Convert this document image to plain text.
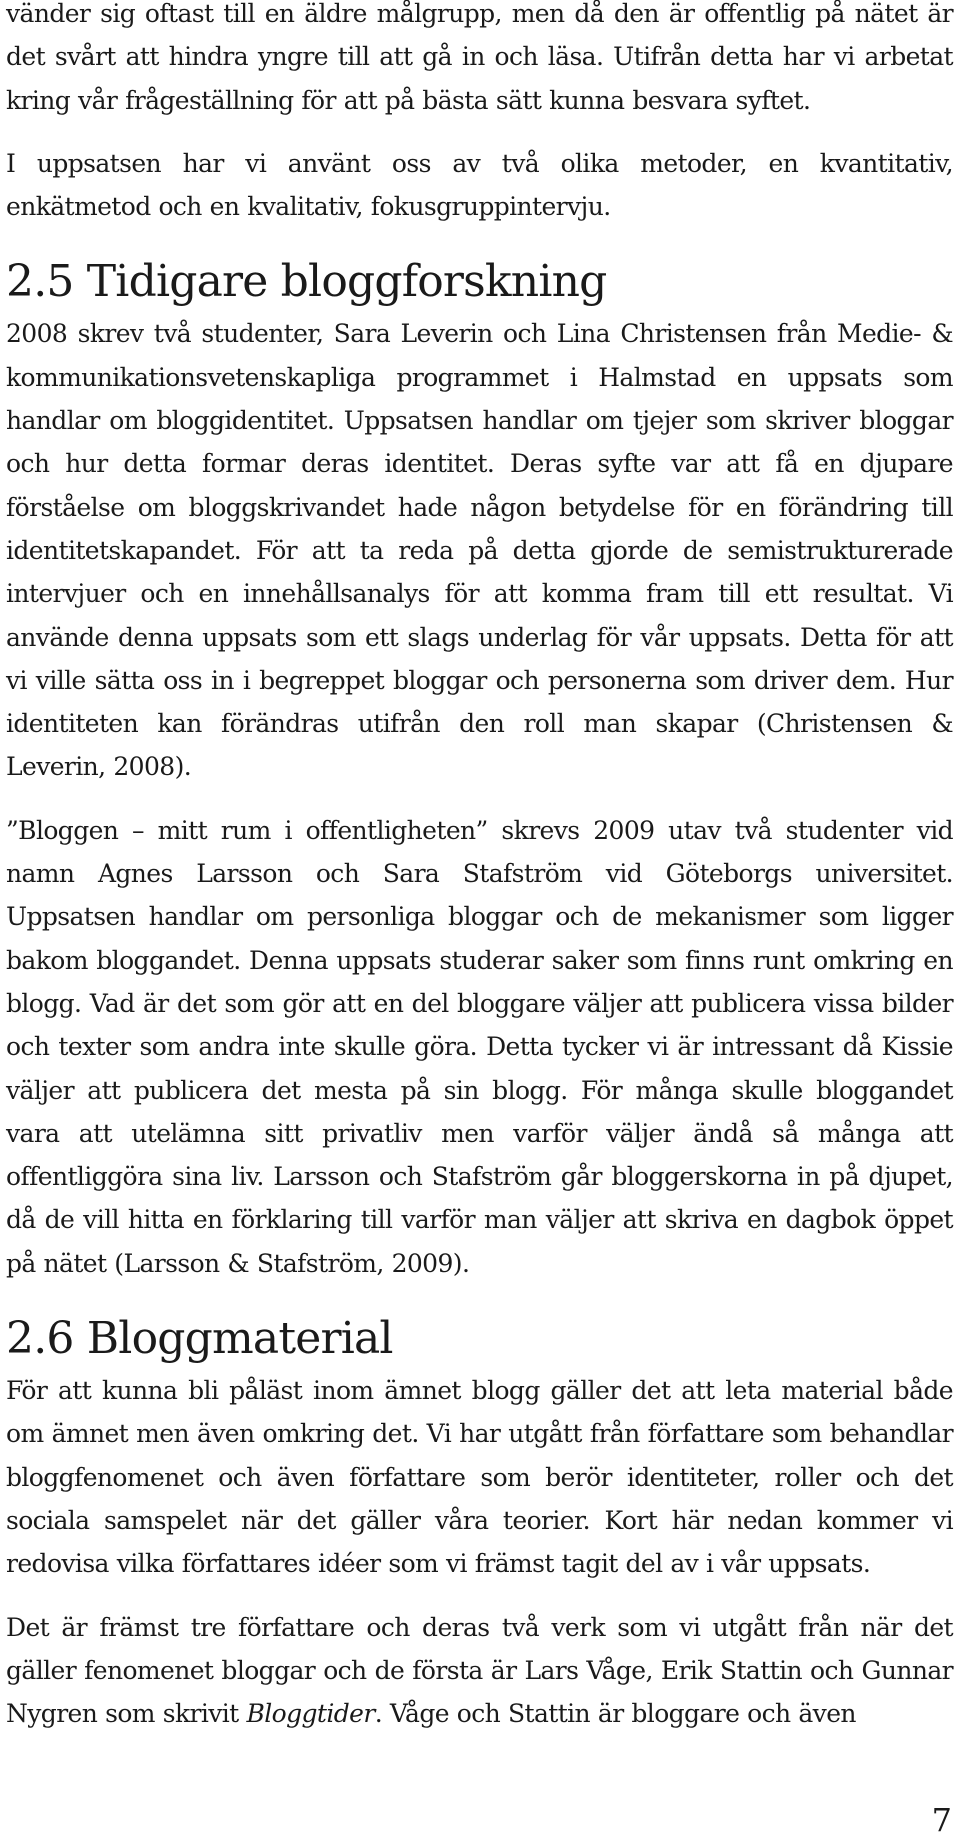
vänder sig oftast till en äldre målgrupp, men då den är offentlig på nätet är det svårt att hindra yngre till att gå in och läsa. Utifrån detta har vi arbetat kring vår frågeställning för att på bästa sätt kunna besvara syftet.

I uppsatsen har vi använt oss av två olika metoder, en kvantitativ, enkätmetod och en kvalitativ, fokusgruppintervju.

2.5 Tidigare bloggforskning

2008 skrev två studenter, Sara Leverin och Lina Christensen från Medie- & kommunikationsvetenskapliga programmet i Halmstad en uppsats som handlar om bloggidentitet. Uppsatsen handlar om tjejer som skriver bloggar och hur detta formar deras identitet. Deras syfte var att få en djupare förståelse om bloggskrivandet hade någon betydelse för en förändring till identitetskapandet. För att ta reda på detta gjorde de semistrukturerade intervjuer och en innehållsanalys för att komma fram till ett resultat. Vi använde denna uppsats som ett slags underlag för vår uppsats. Detta för att vi ville sätta oss in i begreppet bloggar och personerna som driver dem. Hur identiteten kan förändras utifrån den roll man skapar (Christensen & Leverin, 2008).

”Bloggen – mitt rum i offentligheten” skrevs 2009 utav två studenter vid namn Agnes Larsson och Sara Stafström vid Göteborgs universitet. Uppsatsen handlar om personliga bloggar och de mekanismer som ligger bakom bloggandet. Denna uppsats studerar saker som finns runt omkring en blogg. Vad är det som gör att en del bloggare väljer att publicera vissa bilder och texter som andra inte skulle göra. Detta tycker vi är intressant då Kissie väljer att publicera det mesta på sin blogg. För många skulle bloggandet vara att utelämna sitt privatliv men varför väljer ändå så många att offentliggöra sina liv. Larsson och Stafström går bloggerskorna in på djupet, då de vill hitta en förklaring till varför man väljer att skriva en dagbok öppet på nätet (Larsson & Stafström, 2009).

2.6 Bloggmaterial

För att kunna bli påläst inom ämnet blogg gäller det att leta material både om ämnet men även omkring det. Vi har utgått från författare som behandlar bloggfenomenet och även författare som berör identiteter, roller och det sociala samspelet när det gäller våra teorier. Kort här nedan kommer vi redovisa vilka författares idéer som vi främst tagit del av i vår uppsats.

Det är främst tre författare och deras två verk som vi utgått från när det gäller fenomenet bloggar och de första är Lars Våge, Erik Stattin och Gunnar Nygren som skrivit Bloggtider. Våge och Stattin är bloggare och även

7
